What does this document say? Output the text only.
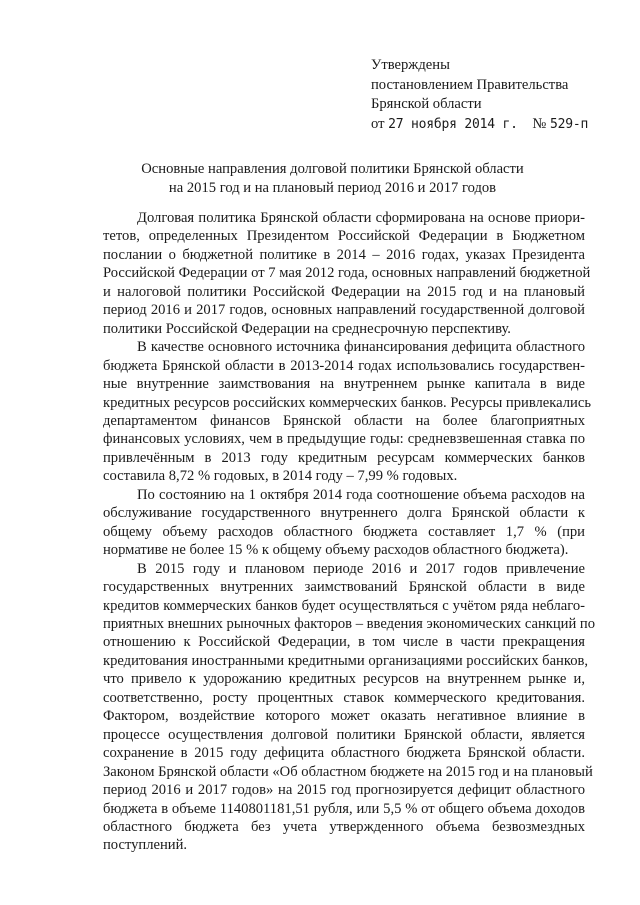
Утверждены
постановлением Правительства
Брянской области
от 27 ноября 2014 г. № 529-п
Основные направления долговой политики Брянской области
на 2015 год и на плановый период 2016 и 2017 годов

Долговая политика Брянской области сформирована на основе приори-
тетов, определенных Президентом Российской Федерации в Бюджетном
послании о бюджетной политике в 2014 – 2016 годах, указах Президента
Российской Федерации от 7 мая 2012 года, основных направлений бюджетной
и налоговой политики Российской Федерации на 2015 год и на плановый
период 2016 и 2017 годов, основных направлений государственной долговой
политики Российской Федерации на среднесрочную перспективу.

В качестве основного источника финансирования дефицита областного
бюджета Брянской области в 2013-2014 годах использовались государствен-
ные внутренние заимствования на внутреннем рынке капитала в виде
кредитных ресурсов российских коммерческих банков. Ресурсы привлекались
департаментом финансов Брянской области на более благоприятных
финансовых условиях, чем в предыдущие годы: средневзвешенная ставка по
привлечённым в 2013 году кредитным ресурсам коммерческих банков
составила 8,72 % годовых, в 2014 году – 7,99 % годовых.

По состоянию на 1 октября 2014 года соотношение объема расходов на
обслуживание государственного внутреннего долга Брянской области к
общему объему расходов областного бюджета составляет 1,7 % (при
нормативе не более 15 % к общему объему расходов областного бюджета).

В 2015 году и плановом периоде 2016 и 2017 годов привлечение
государственных внутренних заимствований Брянской области в виде
кредитов коммерческих банков будет осуществляться с учётом ряда неблаго-
приятных внешних рыночных факторов – введения экономических санкций по
отношению к Российской Федерации, в том числе в части прекращения
кредитования иностранными кредитными организациями российских банков,
что привело к удорожанию кредитных ресурсов на внутреннем рынке и,
соответственно, росту процентных ставок коммерческого кредитования.
Фактором, воздействие которого может оказать негативное влияние в
процессе осуществления долговой политики Брянской области, является
сохранение в 2015 году дефицита областного бюджета Брянской области.
Законом Брянской области «Об областном бюджете на 2015 год и на плановый
период 2016 и 2017 годов» на 2015 год прогнозируется дефицит областного
бюджета в объеме 1140801181,51 рубля, или 5,5 % от общего объема доходов
областного бюджета без учета утвержденного объема безвозмездных
поступлений.
